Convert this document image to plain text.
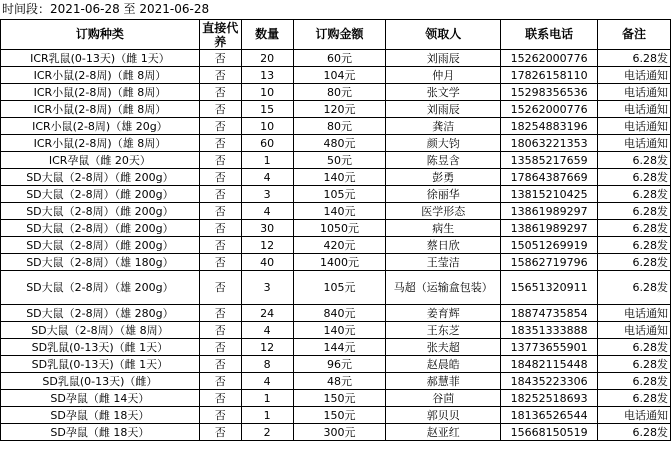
时间段：2021-06-28 至 2021-06-28
订购种类	直接代养	数量	订购金额	领取人	联系电话	备注
ICR乳鼠(0-13天)（雌 1天）	否	20	60元	刘雨辰	15262000776	6.28发
ICR小鼠(2-8周)（雌 8周）	否	13	104元	仲月	17826158110	电话通知
ICR小鼠(2-8周)（雌 8周）	否	10	80元	张文学	15298356536	电话通知
ICR小鼠(2-8周)（雌 8周）	否	15	120元	刘雨辰	15262000776	电话通知
ICR小鼠(2-8周)（雄 20g）	否	10	80元	龚洁	18254883196	电话通知
ICR小鼠(2-8周)（雄 8周）	否	60	480元	颜大钧	18063221353	电话通知
ICR孕鼠（雌 20天）	否	1	50元	陈昱含	13585217659	6.28发
SD大鼠（2-8周）（雌 200g）	否	4	140元	彭勇	17864387669	6.28发
SD大鼠（2-8周）（雌 200g）	否	3	105元	徐丽华	13815210425	6.28发
SD大鼠（2-8周）（雌 200g）	否	4	140元	医学形态	13861989297	6.28发
SD大鼠（2-8周）（雌 200g）	否	30	1050元	病生	13861989297	6.28发
SD大鼠（2-8周）（雌 200g）	否	12	420元	蔡日欣	15051269919	6.28发
SD大鼠（2-8周）（雄 180g）	否	40	1400元	王莹洁	15862719796	6.28发
SD大鼠（2-8周）（雄 200g）	否	3	105元	马超（运输盒包装）	15651320911	6.28发
SD大鼠（2-8周）（雄 280g）	否	24	840元	姜育辉	18874735854	电话通知
SD大鼠（2-8周）（雄 8周）	否	4	140元	王东芝	18351333888	电话通知
SD乳鼠(0-13天)（雌 1天）	否	12	144元	张夫超	13773655901	6.28发
SD乳鼠(0-13天)（雌 1天）	否	8	96元	赵晨皓	18482115448	6.28发
SD乳鼠(0-13天)（雌）	否	4	48元	郝慧菲	18435223306	6.28发
SD孕鼠（雌 14天）	否	1	150元	谷茴	18252518693	6.28发
SD孕鼠（雌 18天）	否	1	150元	郭贝贝	18136526544	电话通知
SD孕鼠（雌 18天）	否	2	300元	赵亚红	15668150519	6.28发
